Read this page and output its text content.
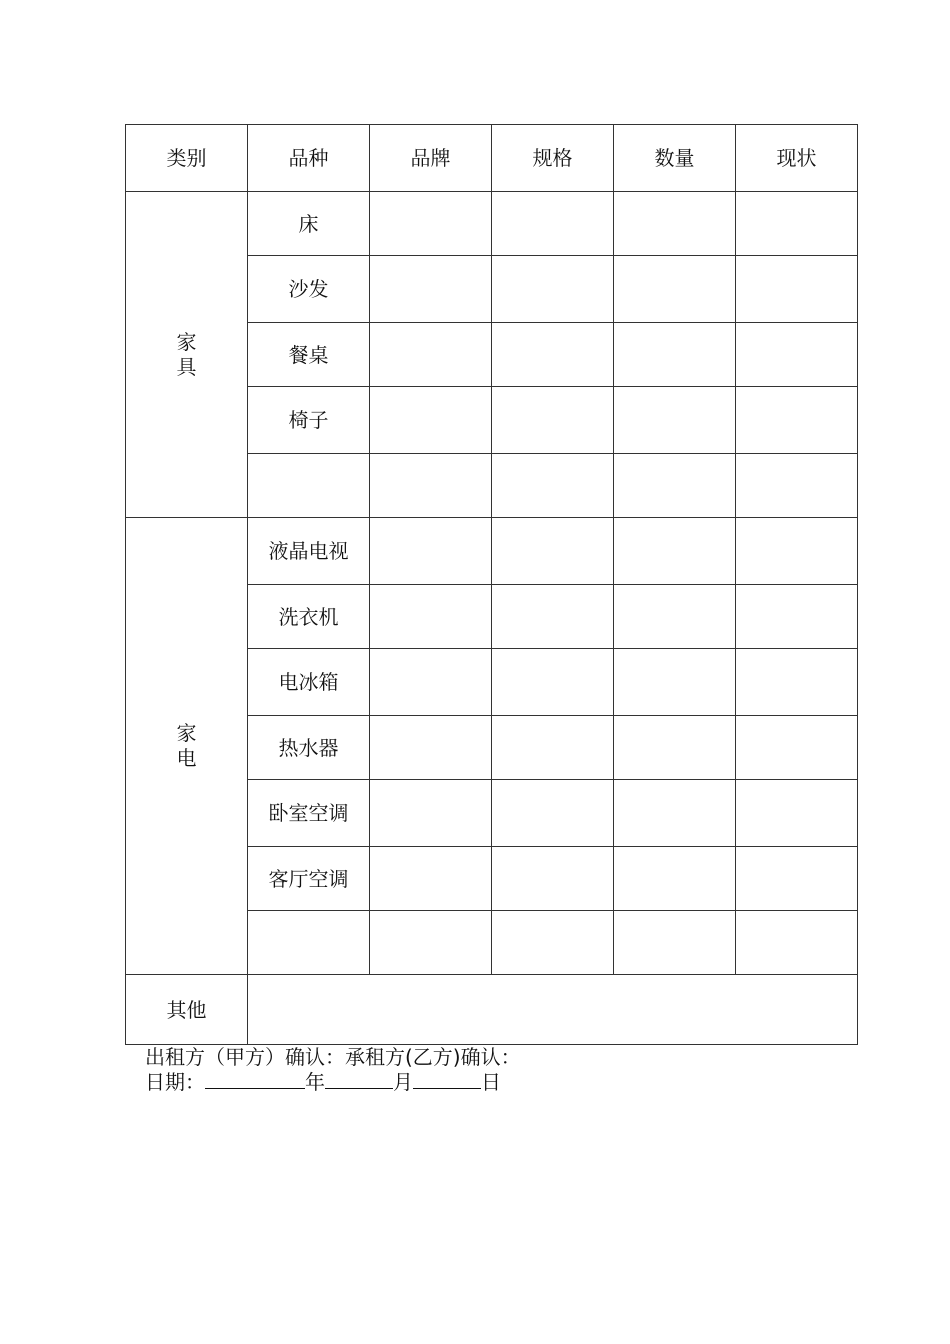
类别	品种	品牌	规格	数量	现状
家具	床				
	沙发				
	餐桌				
	椅子				

家电	液晶电视				
	洗衣机				
	电冰箱				
	热水器				
	卧室空调				
	客厅空调				

其他					
出租方（甲方）确认：承租方(乙方)确认：
日期：	年	月	日
